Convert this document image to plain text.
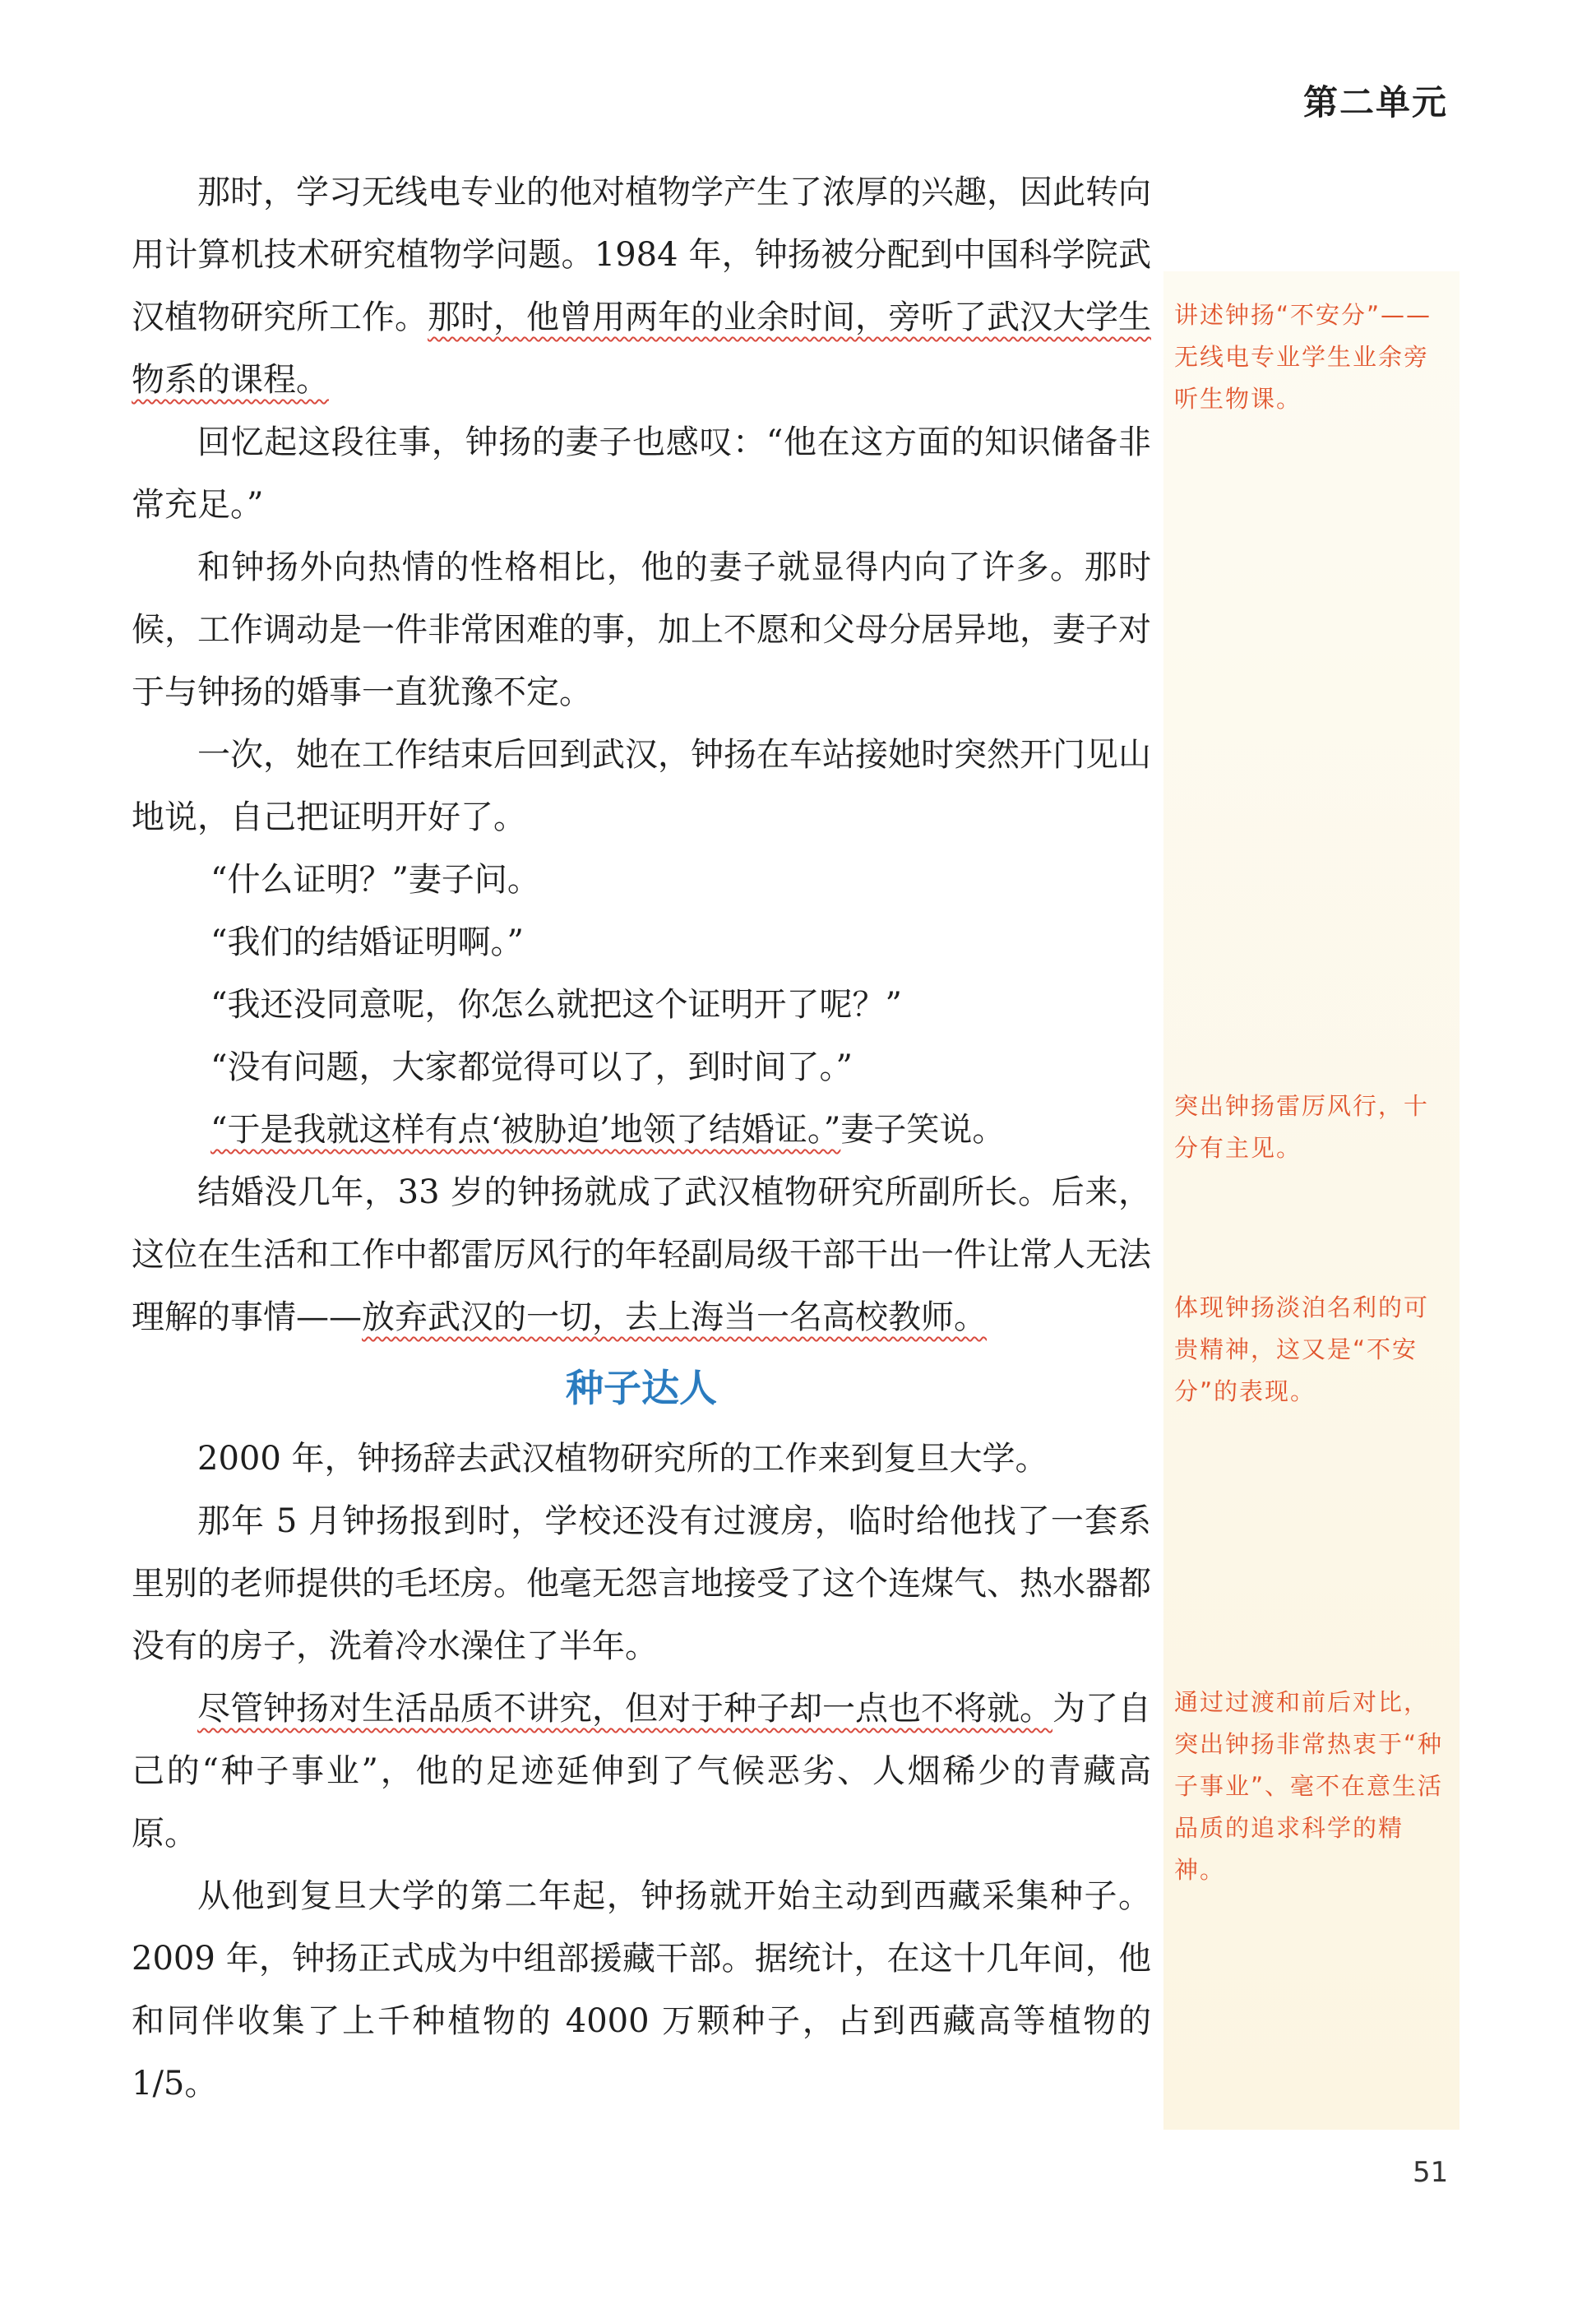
第二单元

那时，学习无线电专业的他对植物学产生了浓厚的兴趣，因此转向用计算机技术研究植物学问题。1984 年，钟扬被分配到中国科学院武汉植物研究所工作。那时，他曾用两年的业余时间，旁听了武汉大学生物系的课程。

回忆起这段往事，钟扬的妻子也感叹：“他在这方面的知识储备非常充足。”

和钟扬外向热情的性格相比，他的妻子就显得内向了许多。那时候，工作调动是一件非常困难的事，加上不愿和父母分居异地，妻子对于与钟扬的婚事一直犹豫不定。

一次，她在工作结束后回到武汉，钟扬在车站接她时突然开门见山地说，自己把证明开好了。

“什么证明？”妻子问。

“我们的结婚证明啊。”

“我还没同意呢，你怎么就把这个证明开了呢？”

“没有问题，大家都觉得可以了，到时间了。”

“于是我就这样有点‘被胁迫’地领了结婚证。”妻子笑说。

结婚没几年，33 岁的钟扬就成了武汉植物研究所副所长。后来，这位在生活和工作中都雷厉风行的年轻副局级干部干出一件让常人无法理解的事情——放弃武汉的一切，去上海当一名高校教师。

种子达人

2000 年，钟扬辞去武汉植物研究所的工作来到复旦大学。

那年 5 月钟扬报到时，学校还没有过渡房，临时给他找了一套系里别的老师提供的毛坯房。他毫无怨言地接受了这个连煤气、热水器都没有的房子，洗着冷水澡住了半年。

尽管钟扬对生活品质不讲究，但对于种子却一点也不将就。为了自己的“种子事业”，他的足迹延伸到了气候恶劣、人烟稀少的青藏高原。

从他到复旦大学的第二年起，钟扬就开始主动到西藏采集种子。2009 年，钟扬正式成为中组部援藏干部。据统计，在这十几年间，他和同伴收集了上千种植物的 4000 万颗种子，占到西藏高等植物的 1/5。

讲述钟扬“不安分”——无线电专业学生业余旁听生物课。
突出钟扬雷厉风行，十分有主见。
体现钟扬淡泊名利的可贵精神，这又是“不安分”的表现。
通过过渡和前后对比，突出钟扬非常热衷于“种子事业”、毫不在意生活品质的追求科学的精神。
51
